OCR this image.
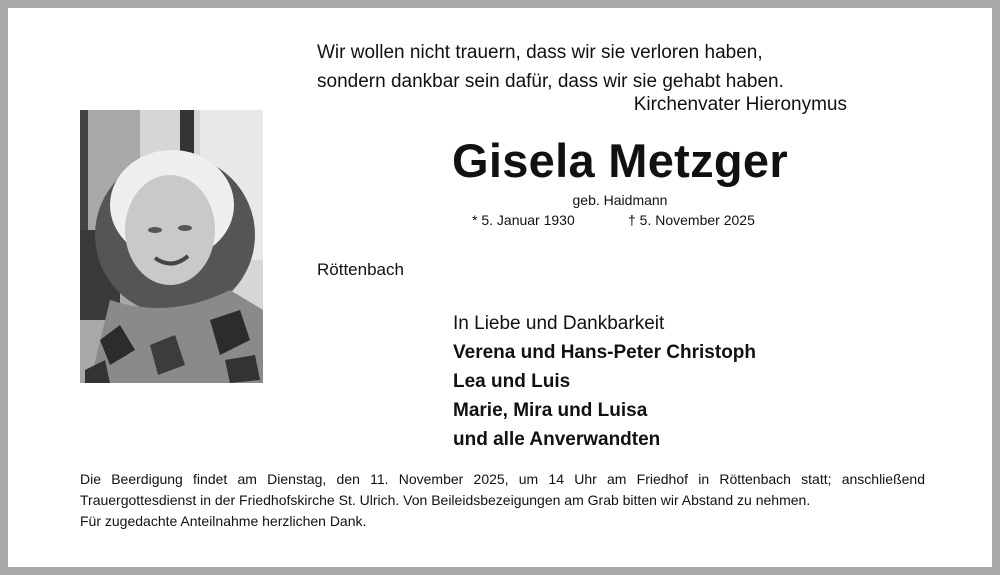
Wir wollen nicht trauern, dass wir sie verloren haben,
sondern dankbar sein dafür, dass wir sie gehabt haben.
Kirchenvater Hieronymus
Gisela Metzger
geb. Haidmann
* 5. Januar 1930	† 5. November 2025
Röttenbach
In Liebe und Dankbarkeit
Verena und Hans-Peter Christoph
Lea und Luis
Marie, Mira und Luisa
und alle Anverwandten
Die Beerdigung findet am Dienstag, den 11. November 2025, um 14 Uhr am Friedhof in Röttenbach statt; anschließend
Trauergottesdienst in der Friedhofskirche St. Ulrich. Von Beileidsbezeigungen am Grab bitten wir Abstand zu nehmen.
Für zugedachte Anteilnahme herzlichen Dank.
